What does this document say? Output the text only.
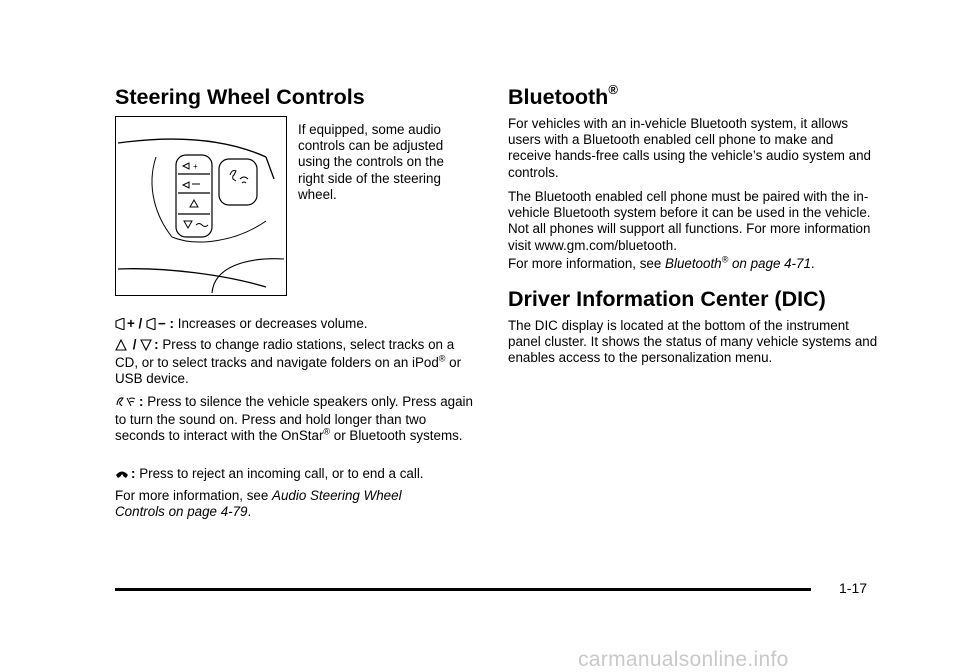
Steering Wheel Controls
+

If equipped, some audio controls can be adjusted using the controls on the right side of the steering wheel.

+ / − : Increases or decreases volume.
/ : Press to change radio stations, select tracks on a CD, or to select tracks and navigate folders on an iPod® or USB device.
: Press to silence the vehicle speakers only. Press again to turn the sound on. Press and hold longer than two seconds to interact with the OnStar® or Bluetooth systems.
: Press to reject an incoming call, or to end a call.

For more information, see Audio Steering Wheel Controls on page 4-79.

Bluetooth®

For vehicles with an in-vehicle Bluetooth system, it allows users with a Bluetooth enabled cell phone to make and receive hands-free calls using the vehicle’s audio system and controls.

The Bluetooth enabled cell phone must be paired with the in-vehicle Bluetooth system before it can be used in the vehicle. Not all phones will support all functions. For more information visit www.gm.com/bluetooth.

For more information, see Bluetooth® on page 4-71.

Driver Information Center (DIC)

The DIC display is located at the bottom of the instrument panel cluster. It shows the status of many vehicle systems and enables access to the personalization menu.

1-17
carmanualsonline.info
